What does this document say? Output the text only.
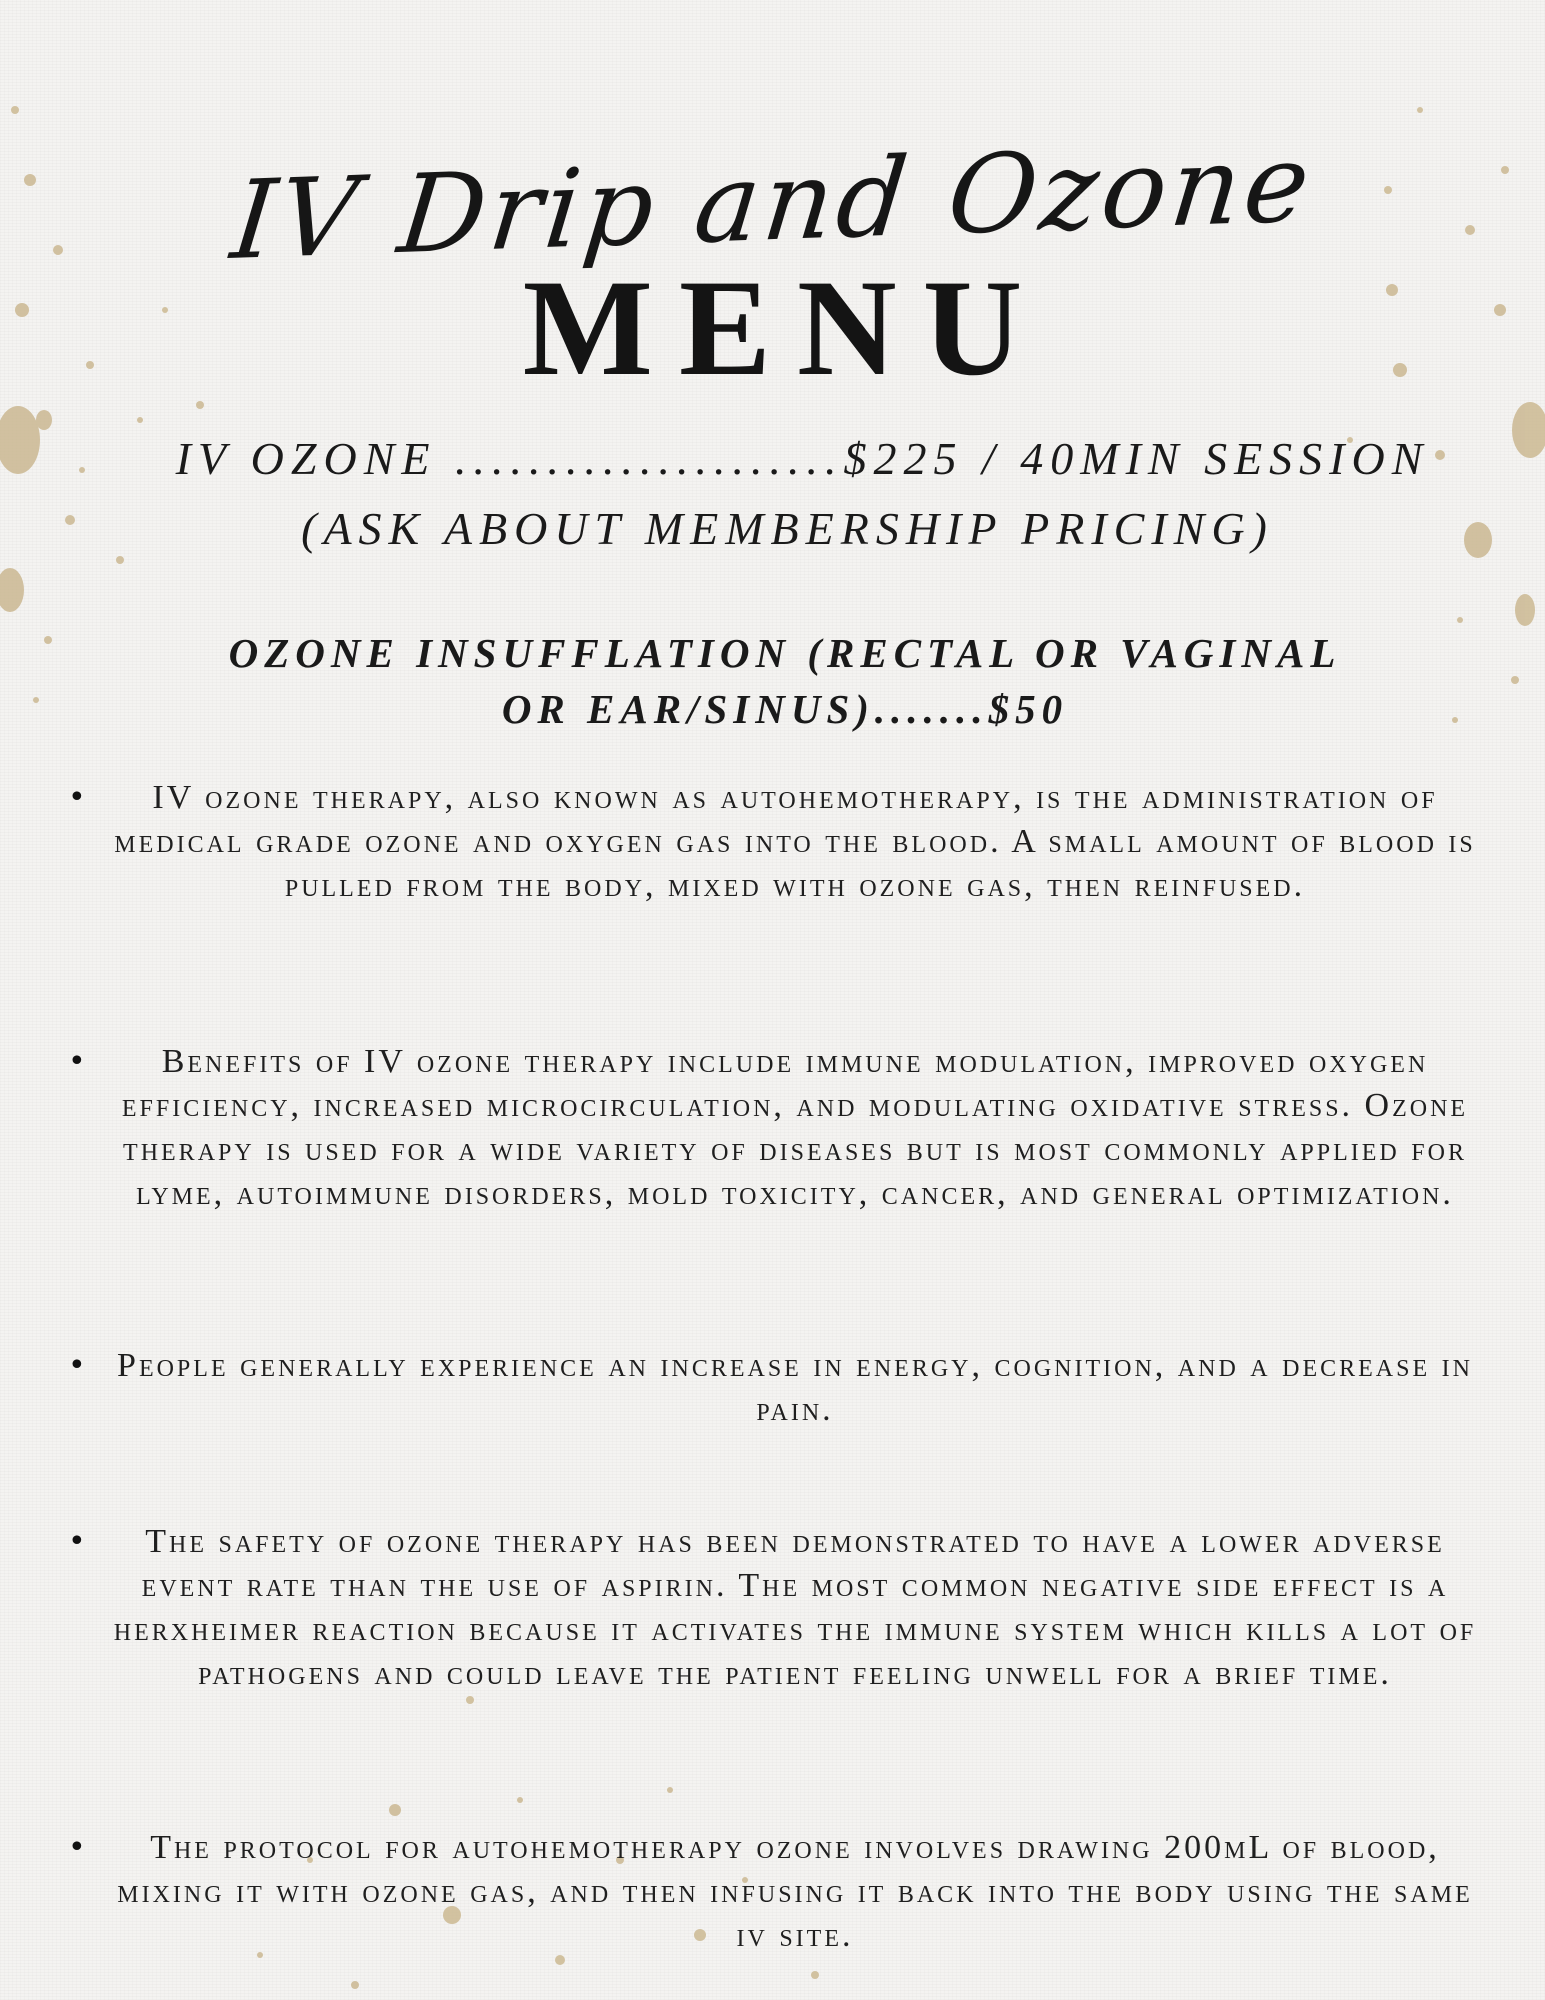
IV Drip and Ozone
MENU
IV OZONE .....................$225 / 40MIN SESSION
(ASK ABOUT MEMBERSHIP PRICING)
OZONE INSUFFLATION (RECTAL OR VAGINAL OR EAR/SINUS).......$50
•	IV ozone therapy, also known as autohemotherapy, is the administration of medical grade ozone and oxygen gas into the blood. A small amount of blood is pulled from the body, mixed with ozone gas, then reinfused.
•	Benefits of IV ozone therapy include immune modulation, improved oxygen efficiency, increased microcirculation, and modulating oxidative stress. Ozone therapy is used for a wide variety of diseases but is most commonly applied for lyme, autoimmune disorders, mold toxicity, cancer, and general optimization.
• People generally experience an increase in energy, cognition, and a decrease in pain.
•	The safety of ozone therapy has been demonstrated to have a lower adverse event rate than the use of aspirin. The most common negative side effect is a herxheimer reaction because it activates the immune system which kills a lot of pathogens and could leave the patient feeling unwell for a brief time.
•	The protocol for autohemotherapy ozone involves drawing 200mL of blood, mixing it with ozone gas, and then infusing it back into the body using the same iv site.
